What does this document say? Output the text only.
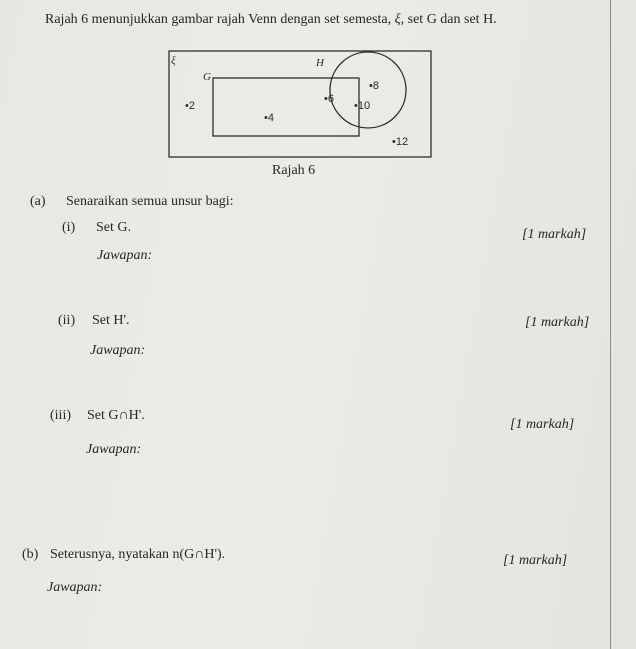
Rajah 6 menunjukkan gambar rajah Venn dengan set semesta, ξ, set G dan set H.
ξ
G
H
•2
•4
•6
•8
•10
•12
Rajah 6
(a) Senaraikan semua unsur bagi:
(i) Set G.	[1 markah]
Jawapan:
(ii) Set H'.	[1 markah]
Jawapan:
(iii) Set G∩H'.
[1 markah]
Jawapan:
(b) Seterusnya, nyatakan n(G∩H').	[1 markah]
Jawapan:
